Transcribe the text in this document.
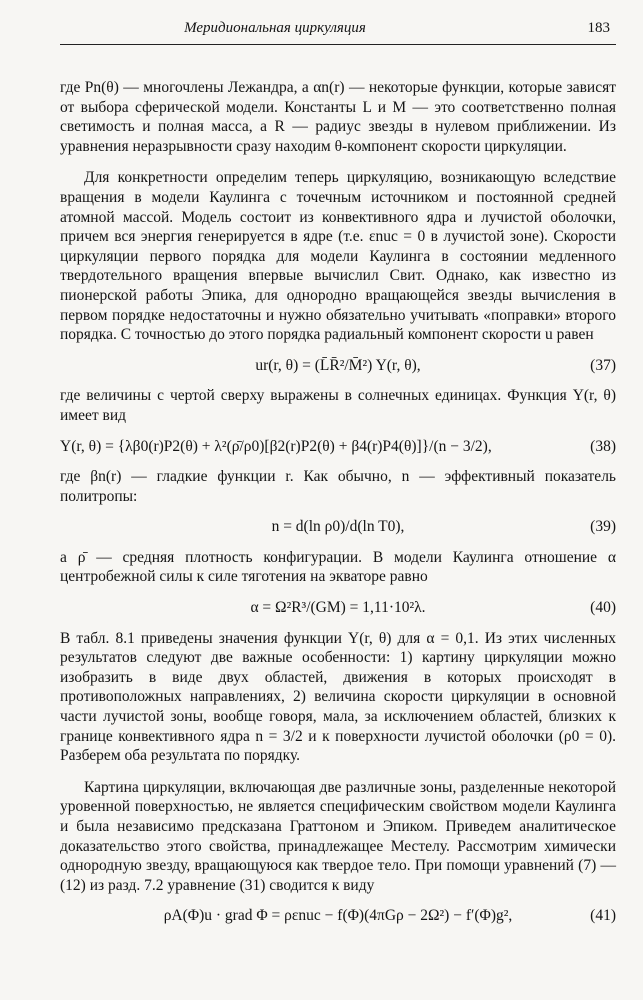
Меридиональная циркуляция	183

где Pn(θ) — многочлены Лежандра, а αn(r) — некоторые функции, которые зависят от выбора сферической модели. Константы L и M — это соответственно полная светимость и полная масса, а R — радиус звезды в нулевом приближении. Из уравнения неразрывности сразу находим θ-компонент скорости циркуляции.

Для конкретности определим теперь циркуляцию, возникающую вследствие вращения в модели Каулинга с точечным источником и постоянной средней атомной массой. Модель состоит из конвективного ядра и лучистой оболочки, причем вся энергия генерируется в ядре (т.е. εnuc = 0 в лучистой зоне). Скорости циркуляции первого порядка для модели Каулинга в состоянии медленного твердотельного вращения впервые вычислил Свит. Однако, как известно из пионерской работы Эпика, для однородно вращающейся звезды вычисления в первом порядке недостаточны и нужно обязательно учитывать «поправки» второго порядка. С точностью до этого порядка радиальный компонент скорости u равен

ur(r, θ) = (L̄R̄²/M̄²) Y(r, θ),	(37)

где величины с чертой сверху выражены в солнечных единицах. Функция Y(r, θ) имеет вид

Y(r, θ) = {λβ0(r)P2(θ) + λ²(ρ̄/ρ0)[β2(r)P2(θ) + β4(r)P4(θ)]}/(n − 3/2),	(38)

где βn(r) — гладкие функции r. Как обычно, n — эффективный показатель политропы:

n = d(ln ρ0)/d(ln T0),	(39)

а ρ̄ — средняя плотность конфигурации. В модели Каулинга отношение α центробежной силы к силе тяготения на экваторе равно

α = Ω²R³/(GM) = 1,11·10²λ.	(40)

В табл. 8.1 приведены значения функции Y(r, θ) для α = 0,1. Из этих численных результатов следуют две важные особенности: 1) картину циркуляции можно изобразить в виде двух областей, движения в которых происходят в противоположных направлениях, 2) величина скорости циркуляции в основной части лучистой зоны, вообще говоря, мала, за исключением областей, близких к границе конвективного ядра n = 3/2 и к поверхности лучистой оболочки (ρ0 = 0). Разберем оба результата по порядку.

Картина циркуляции, включающая две различные зоны, разделенные некоторой уровенной поверхностью, не является специфическим свойством модели Каулинга и была независимо предсказана Граттоном и Эпиком. Приведем аналитическое доказательство этого свойства, принадлежащее Местелу. Рассмотрим химически однородную звезду, вращающуюся как твердое тело. При помощи уравнений (7) — (12) из разд. 7.2 уравнение (31) сводится к виду

ρA(Φ)u · grad Φ = ρεnuc − f(Φ)(4πGρ − 2Ω²) − f′(Φ)g²,	(41)
